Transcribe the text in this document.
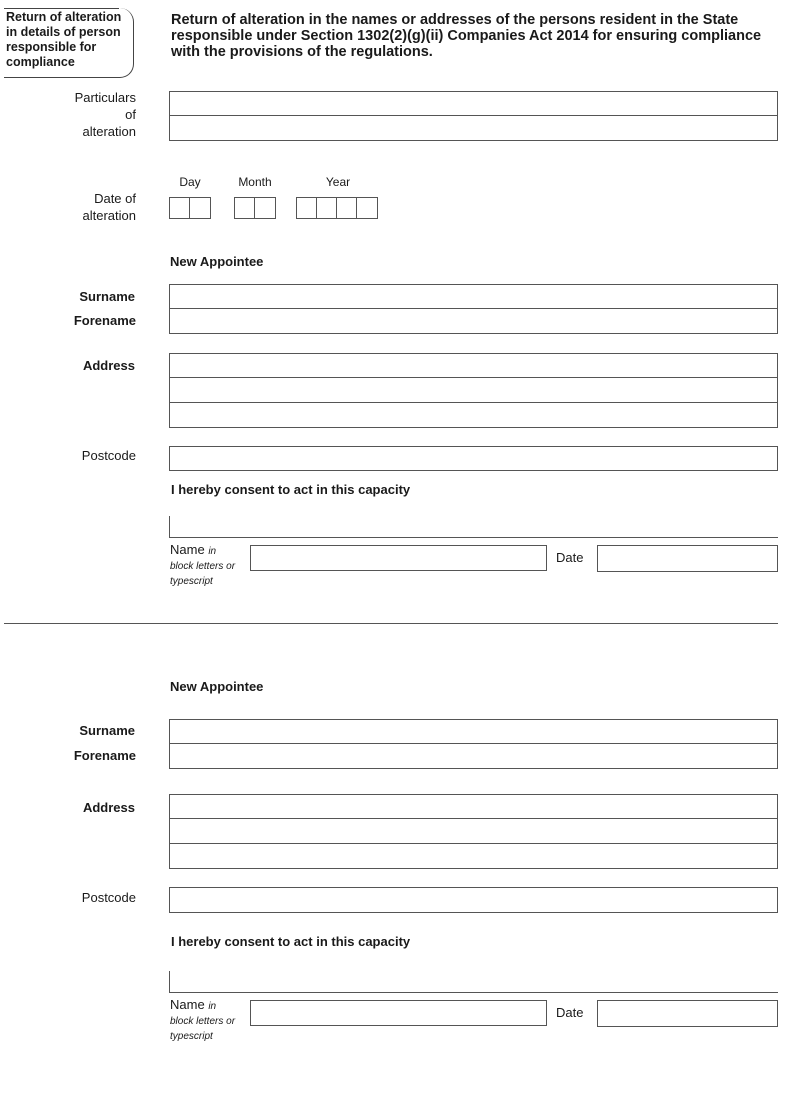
Return of alteration in details of person responsible for compliance
Return of alteration in the names or addresses of the persons resident in the State responsible under Section 1302(2)(g)(ii) Companies Act 2014 for ensuring compliance with the provisions of the regulations.
Particulars
of
alteration
Date of
alteration
Day	Month	Year
New Appointee
Surname
Forename
Address
Postcode
I hereby consent to act in this capacity
Name in
block letters or typescript
Date
New Appointee
Surname
Forename
Address
Postcode
I hereby consent to act in this capacity
Name in
block letters or typescript
Date
